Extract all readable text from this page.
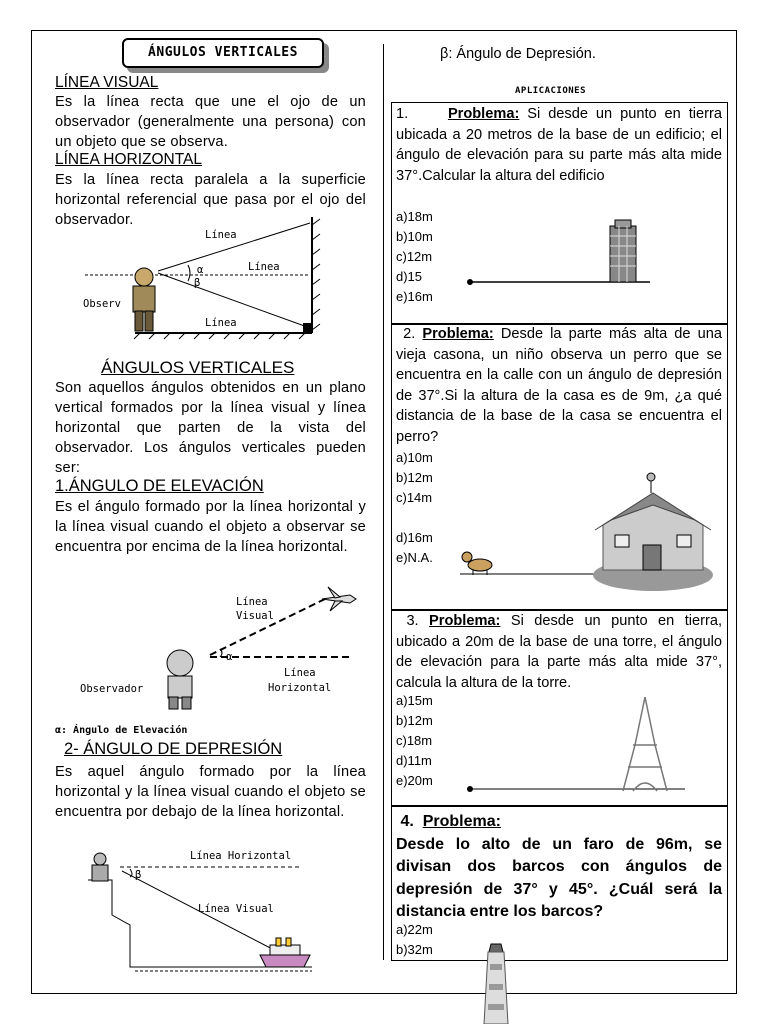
ÁNGULOS VERTICALES
LÍNEA VISUAL
Es la línea recta que une el ojo de un observador (generalmente una persona) con un objeto que se observa.
LÍNEA HORIZONTAL
Es la línea recta paralela a la superficie horizontal referencial que pasa por el ojo del observador.
Línea
Línea
Línea
α
β
Observ
ÁNGULOS VERTICALES
Son aquellos ángulos obtenidos en un plano vertical formados por la línea visual y línea horizontal que parten de la vista del observador. Los ángulos verticales pueden ser:
1.ÁNGULO DE ELEVACIÓN
Es el ángulo formado por la línea horizontal y la línea visual cuando el objeto a observar se encuentra por encima de la línea horizontal.
Línea
Visual
Línea
Horizontal
Observador
α
α: Ángulo de Elevación
2- ÁNGULO DE DEPRESIÓN
Es aquel ángulo formado por la línea horizontal y la línea visual cuando el objeto se encuentra por debajo de la línea horizontal.
Línea Horizontal
Línea Visual
β
β: Ángulo de Depresión.
APLICACIONES
1.	Problema: Si desde un punto en tierra ubicada a 20 metros de la base de un edificio; el ángulo de elevación para su parte más alta mide 37°.Calcular la altura del edificio
a)18m
b)10m
c)12m
d)15
e)16m
2. Problema: Desde la parte más alta de una vieja casona, un niño observa un perro que se encuentra en la calle con un ángulo de depresión de 37°.Si la altura de la casa es de 9m, ¿a qué distancia de la base de la casa se encuentra el perro?
a)10m
b)12m
c)14m
d)16m
e)N.A.
3. Problema: Si desde un punto en tierra, ubicado a 20m de la base de una torre, el ángulo de elevación para la parte más alta mide 37°, calcula la altura de la torre.
a)15m
b)12m
c)18m
d)11m
e)20m
4. Problema:
Desde lo alto de un faro de 96m, se divisan dos barcos con ángulos de depresión de 37° y 45°. ¿Cuál será la distancia entre los barcos?
a)22m
b)32m
